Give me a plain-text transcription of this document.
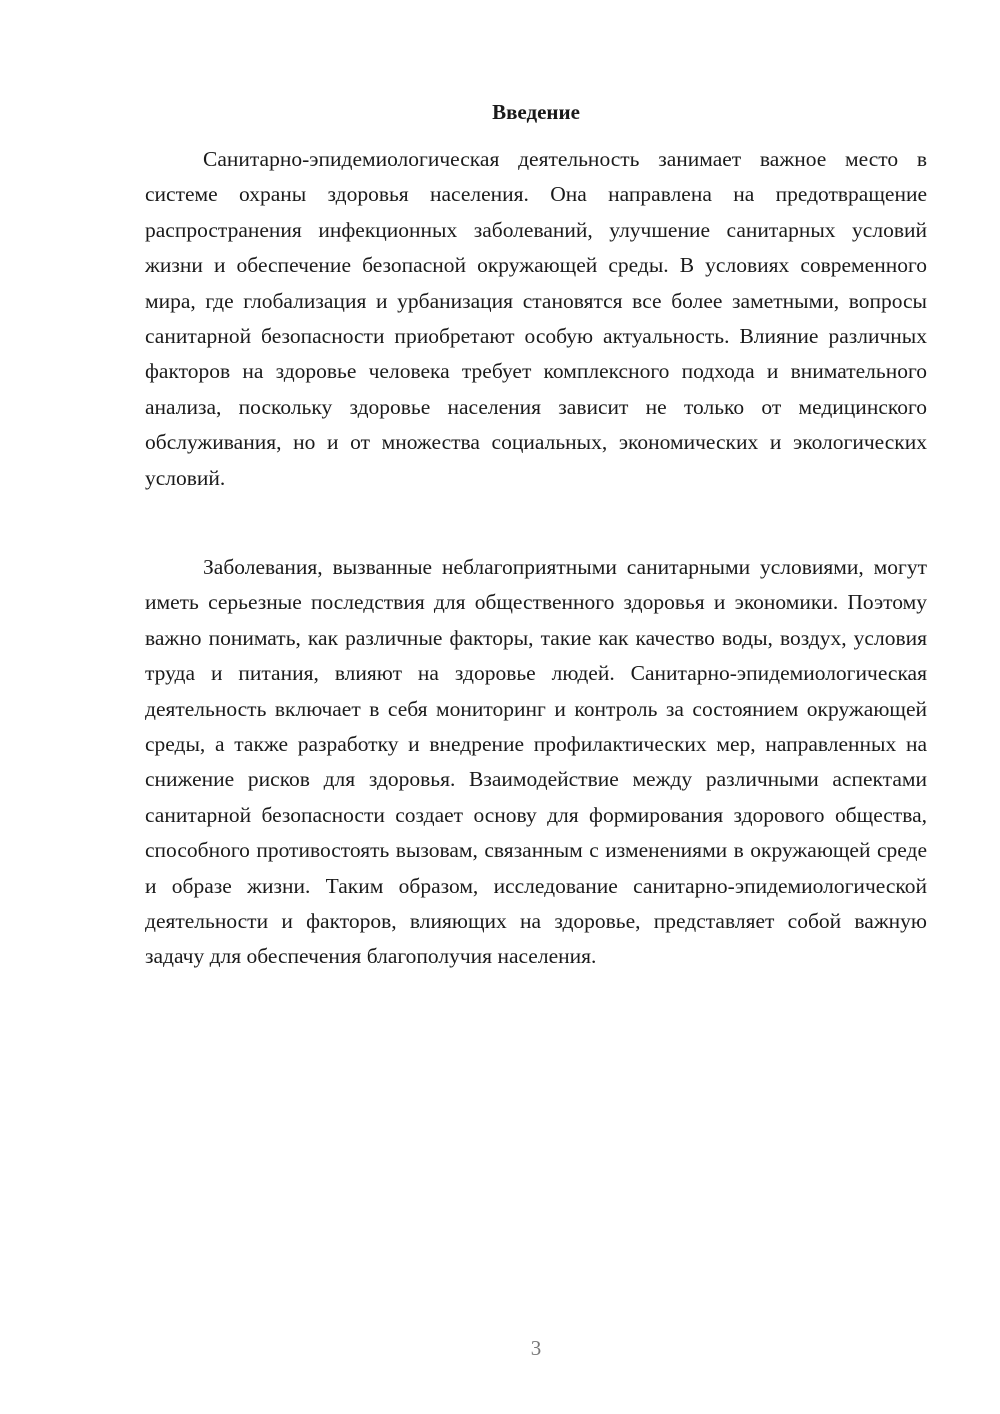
Введение

Санитарно-эпидемиологическая деятельность занимает важное место в системе охраны здоровья населения. Она направлена на предотвращение распространения инфекционных заболеваний, улучшение санитарных условий жизни и обеспечение безопасной окружающей среды. В условиях современного мира, где глобализация и урбанизация становятся все более заметными, вопросы санитарной безопасности приобретают особую актуальность. Влияние различных факторов на здоровье человека требует комплексного подхода и внимательного анализа, поскольку здоровье населения зависит не только от медицинского обслуживания, но и от множества социальных, экономических и экологических условий.

Заболевания, вызванные неблагоприятными санитарными условиями, могут иметь серьезные последствия для общественного здоровья и экономики. Поэтому важно понимать, как различные факторы, такие как качество воды, воздух, условия труда и питания, влияют на здоровье людей. Санитарно-эпидемиологическая деятельность включает в себя мониторинг и контроль за состоянием окружающей среды, а также разработку и внедрение профилактических мер, направленных на снижение рисков для здоровья. Взаимодействие между различными аспектами санитарной безопасности создает основу для формирования здорового общества, способного противостоять вызовам, связанным с изменениями в окружающей среде и образе жизни. Таким образом, исследование санитарно-эпидемиологической деятельности и факторов, влияющих на здоровье, представляет собой важную задачу для обеспечения благополучия населения.

3
